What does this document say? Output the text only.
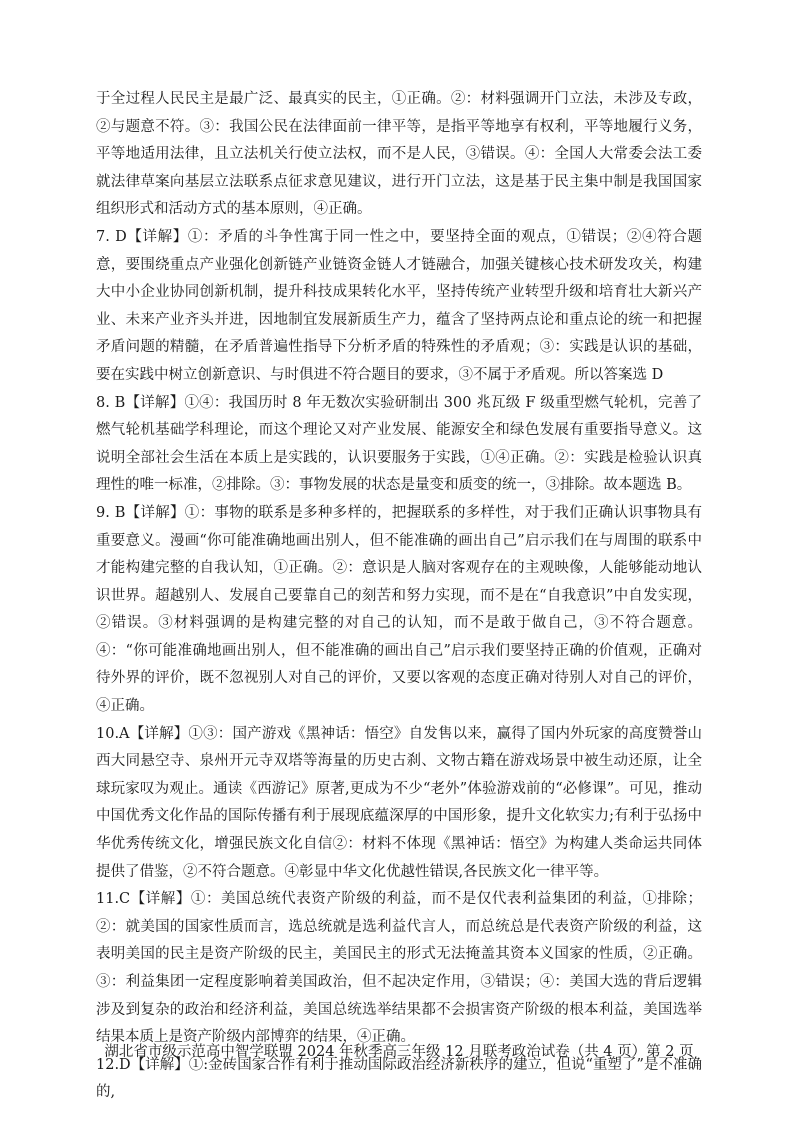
于全过程人民民主是最广泛、最真实的民主，①正确。②：材料强调开门立法，未涉及专政，②与题意不符。③：我国公民在法律面前一律平等，是指平等地享有权利，平等地履行义务，平等地适用法律，且立法机关行使立法权，而不是人民，③错误。④：全国人大常委会法工委就法律草案向基层立法联系点征求意见建议，进行开门立法，这是基于民主集中制是我国国家组织形式和活动方式的基本原则，④正确。

7. D【详解】①：矛盾的斗争性寓于同一性之中，要坚持全面的观点，①错误；②④符合题意，要围绕重点产业强化创新链产业链资金链人才链融合，加强关键核心技术研发攻关，构建大中小企业协同创新机制，提升科技成果转化水平，坚持传统产业转型升级和培育壮大新兴产业、未来产业齐头并进，因地制宜发展新质生产力，蕴含了坚持两点论和重点论的统一和把握矛盾问题的精髓，在矛盾普遍性指导下分析矛盾的特殊性的矛盾观；③：实践是认识的基础，要在实践中树立创新意识、与时俱进不符合题目的要求，③不属于矛盾观。所以答案选 D

8. B【详解】①④：我国历时 8 年无数次实验研制出 300 兆瓦级 F 级重型燃气轮机，完善了燃气轮机基础学科理论，而这个理论又对产业发展、能源安全和绿色发展有重要指导意义。这说明全部社会生活在本质上是实践的，认识要服务于实践，①④正确。②：实践是检验认识真理性的唯一标准，②排除。③：事物发展的状态是量变和质变的统一，③排除。故本题选 B。

9. B【详解】①：事物的联系是多种多样的，把握联系的多样性，对于我们正确认识事物具有重要意义。漫画“你可能准确地画出别人，但不能准确的画出自己”启示我们在与周围的联系中才能构建完整的自我认知，①正确。②：意识是人脑对客观存在的主观映像，人能够能动地认识世界。超越别人、发展自己要靠自己的刻苦和努力实现，而不是在“自我意识”中自发实现，②错误。③材料强调的是构建完整的对自己的认知，而不是敢于做自己，③不符合题意。④：“你可能准确地画出别人，但不能准确的画出自己”启示我们要坚持正确的价值观，正确对待外界的评价，既不忽视别人对自己的评价，又要以客观的态度正确对待别人对自己的评价，④正确。

10.A【详解】①③：国产游戏《黑神话：悟空》自发售以来，赢得了国内外玩家的高度赞誉山西大同悬空寺、泉州开元寺双塔等海量的历史古刹、文物古籍在游戏场景中被生动还原，让全球玩家叹为观止。通读《西游记》原著,更成为不少“老外”体验游戏前的“必修课”。可见，推动中国优秀文化作品的国际传播有利于展现底蕴深厚的中国形象，提升文化软实力;有利于弘扬中华优秀传统文化，增强民族文化自信②：材料不体现《黑神话：悟空》为构建人类命运共同体提供了借鉴，②不符合题意。④彰显中华文化优越性错误,各民族文化一律平等。

11.C【详解】①：美国总统代表资产阶级的利益，而不是仅代表利益集团的利益，①排除；②：就美国的国家性质而言，选总统就是选利益代言人，而总统总是代表资产阶级的利益，这表明美国的民主是资产阶级的民主，美国民主的形式无法掩盖其资本义国家的性质，②正确。③：利益集团一定程度影响着美国政治，但不起决定作用，③错误；④：美国大选的背后逻辑涉及到复杂的政治和经济利益，美国总统选举结果都不会损害资产阶级的根本利益，美国选举结果本质上是资产阶级内部博弈的结果，④正确。

12.D【详解】①:金砖国家合作有利于推动国际政治经济新秩序的建立，但说“重塑了”是不准确的,

湖北省市级示范高中智学联盟 2024 年秋季高三年级 12 月联考政治试卷（共 4 页）第 2 页
